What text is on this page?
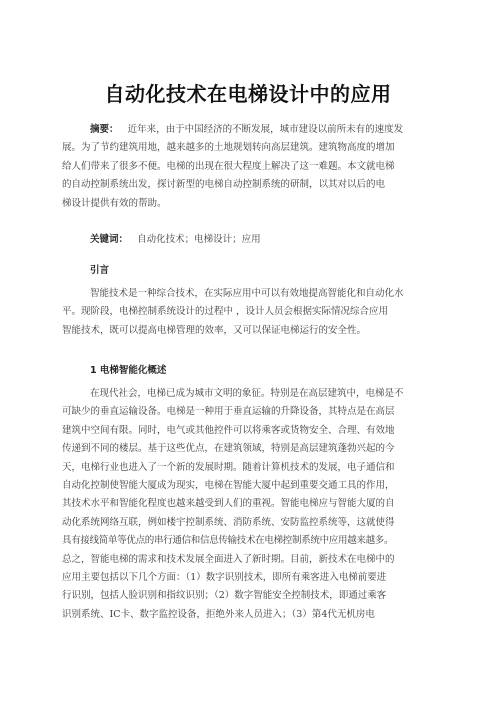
自动化技术在电梯设计中的应用
摘要： 近年来，由于中国经济的不断发展，城市建设以前所未有的速度发
展。为了节约建筑用地，越来越多的土地规划转向高层建筑。建筑物高度的增加
给人们带来了很多不便。电梯的出现在很大程度上解决了这一难题。本文就电梯
的自动控制系统出发，探讨新型的电梯自动控制系统的研制，以其对以后的电
梯设计提供有效的帮助。
关键词： 自动化技术；电梯设计；应用
引言
智能技术是一种综合技术，在实际应用中可以有效地提高智能化和自动化水
平。现阶段，电梯控制系统设计的过程中 ，设计人员会根据实际情况综合应用
智能技术，既可以提高电梯管理的效率，又可以保证电梯运行的安全性。
1 电梯智能化概述
在现代社会，电梯已成为城市文明的象征。特别是在高层建筑中，电梯是不
可缺少的垂直运输设备。电梯是一种用于垂直运输的升降设备，其特点是在高层
建筑中空间有限。同时，电气或其他控件可以将乘客或货物安全、合理、有效地
传递到不同的楼层。基于这些优点，在建筑领域，特别是高层建筑蓬勃兴起的今
天，电梯行业也进入了一个新的发展时期。随着计算机技术的发展，电子通信和
自动化控制使智能大厦成为现实，电梯在智能大厦中起到重要交通工具的作用，
其技术水平和智能化程度也越来越受到人们的重视。智能电梯应与智能大厦的自
动化系统网络互联，例如楼宇控制系统、消防系统、安防监控系统等，这就使得
具有接线简单等优点的串行通信和信息传输技术在电梯控制系统中应用越来越多。
总之，智能电梯的需求和技术发展全面进入了新时期。目前，新技术在电梯中的
应用主要包括以下几个方面：（1）数字识别技术，即所有乘客进入电梯前要进
行识别，包括人脸识别和指纹识别；（2）数字智能安全控制技术，即通过乘客
识别系统、IC卡、数字监控设备，拒绝外来人员进入；（3）第4代无机房电
